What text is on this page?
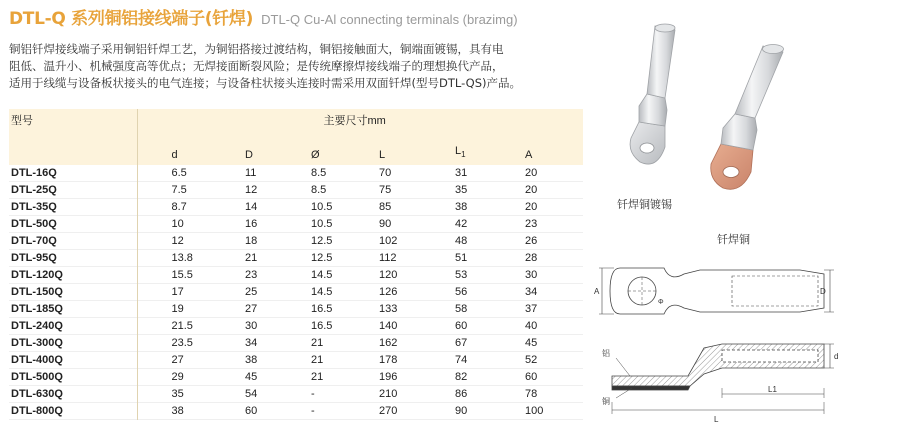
DTL-Q 系列铜铝接线端子(钎焊) DTL-Q Cu-Al connecting terminals (brazimg)

铜铝钎焊接线端子采用铜铝钎焊工艺，为铜铝搭接过渡结构，铜铝接触面大，铜端面镀锡，具有电

阻低、温升小、机械强度高等优点；无焊接面断裂风险；是传统摩擦焊接线端子的理想换代产品，

适用于线缆与设备板状接头的电气连接；与设备柱状接头连接时需采用双面钎焊(型号DTL-QS)产品。

型号	主要尺寸mm					
	d	D	Ø	L	$L_1$	A
DTL-16Q	6.5	11	8.5	70	31	20
DTL-25Q	7.5	12	8.5	75	35	20
DTL-35Q	8.7	14	10.5	85	38	20
DTL-50Q	10	16	10.5	90	42	23
DTL-70Q	12	18	12.5	102	48	26
DTL-95Q	13.8	21	12.5	112	51	28
DTL-120Q	15.5	23	14.5	120	53	30
DTL-150Q	17	25	14.5	126	56	34
DTL-185Q	19	27	16.5	133	58	37
DTL-240Q	21.5	30	16.5	140	60	40
DTL-300Q	23.5	34	21	162	67	45
DTL-400Q	27	38	21	178	74	52
DTL-500Q	29	45	21	196	82	60
DTL-630Q	35	54	-	210	86	78
DTL-800Q	38	60	-	270	90	100
钎焊铜镀锡
钎焊铜
A	D
Φ
铝
铜
d
L1
L
